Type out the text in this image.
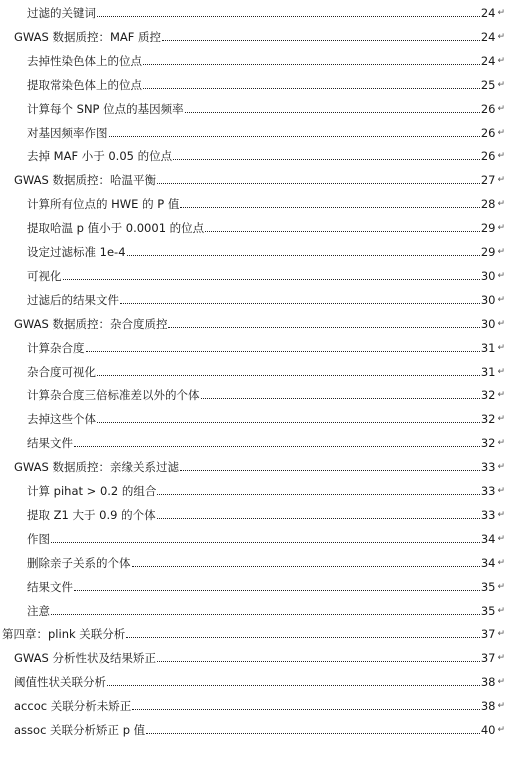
过滤的关键词	24 ↵
GWAS 数据质控：MAF 质控	24 ↵
去掉性染色体上的位点	24 ↵
提取常染色体上的位点	25 ↵
计算每个 SNP 位点的基因频率	26 ↵
对基因频率作图	26 ↵
去掉 MAF 小于 0.05 的位点	26 ↵
GWAS 数据质控：哈温平衡	27 ↵
计算所有位点的 HWE 的 P 值	28 ↵
提取哈温 p 值小于 0.0001 的位点	29 ↵
设定过滤标准 1e-4	29 ↵
可视化	30 ↵
过滤后的结果文件	30 ↵
GWAS 数据质控：杂合度质控	30 ↵
计算杂合度	31 ↵
杂合度可视化	31 ↵
计算杂合度三倍标准差以外的个体	32 ↵
去掉这些个体	32 ↵
结果文件	32 ↵
GWAS 数据质控：亲缘关系过滤	33 ↵
计算 pihat > 0.2 的组合	33 ↵
提取 Z1 大于 0.9 的个体	33 ↵
作图	34 ↵
删除亲子关系的个体	34 ↵
结果文件	35 ↵
注意	35 ↵
第四章：plink 关联分析	37 ↵
GWAS 分析性状及结果矫正	37 ↵
阈值性状关联分析	38 ↵
accoc 关联分析未矫正	38 ↵
assoc 关联分析矫正 p 值	40 ↵
